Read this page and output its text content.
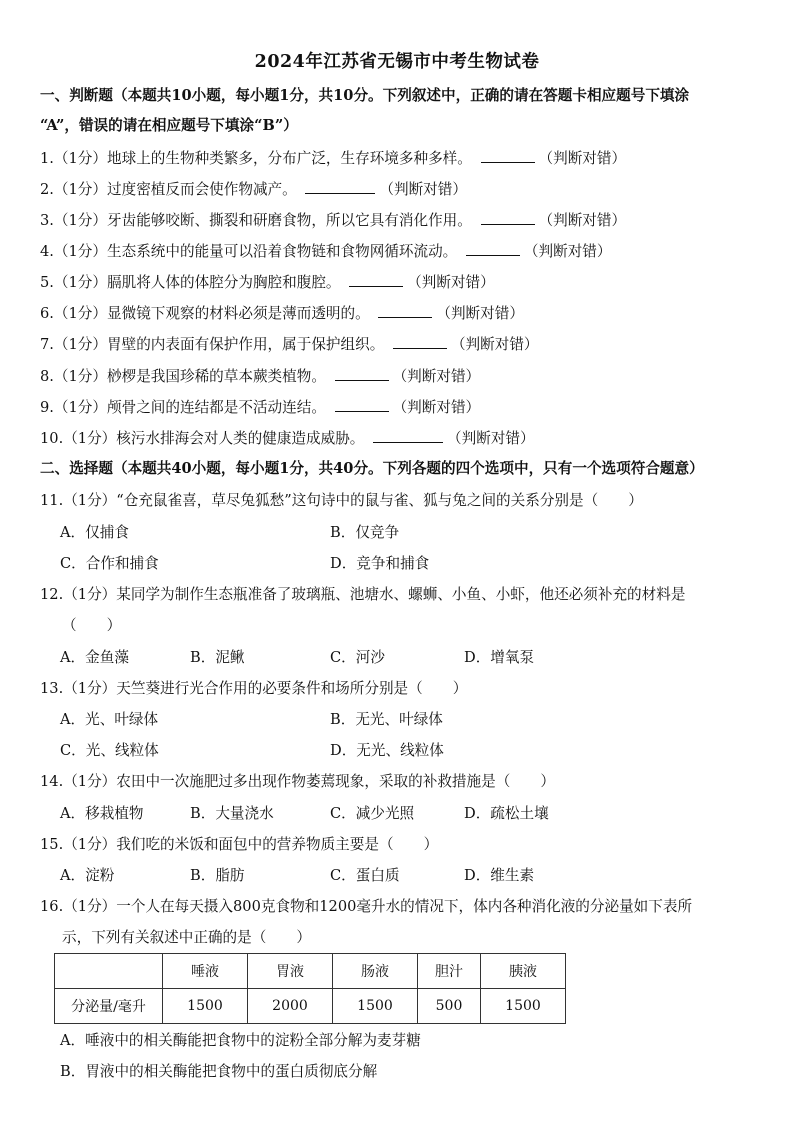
2024年江苏省无锡市中考生物试卷
一、判断题（本题共10小题，每小题1分，共10分。下列叙述中，正确的请在答题卡相应题号下填涂
“A”，错误的请在相应题号下填涂“B”）
1.（1分）地球上的生物种类繁多，分布广泛，生存环境多种多样。	（判断对错）
2.（1分）过度密植反而会使作物减产。	（判断对错）
3.（1分）牙齿能够咬断、撕裂和研磨食物，所以它具有消化作用。	（判断对错）
4.（1分）生态系统中的能量可以沿着食物链和食物网循环流动。	（判断对错）
5.（1分）膈肌将人体的体腔分为胸腔和腹腔。	（判断对错）
6.（1分）显微镜下观察的材料必须是薄而透明的。	（判断对错）
7.（1分）胃壁的内表面有保护作用，属于保护组织。	（判断对错）
8.（1分）桫椤是我国珍稀的草本蕨类植物。	（判断对错）
9.（1分）颅骨之间的连结都是不活动连结。	（判断对错）
10.（1分）核污水排海会对人类的健康造成威胁。	（判断对错）
二、选择题（本题共40小题，每小题1分，共40分。下列各题的四个选项中，只有一个选项符合题意）
11.（1分）“仓充鼠雀喜，草尽兔狐愁”这句诗中的鼠与雀、狐与兔之间的关系分别是（ ）
A．仅捕食	B．仅竞争
C．合作和捕食	D．竞争和捕食
12.（1分）某同学为制作生态瓶准备了玻璃瓶、池塘水、螺蛳、小鱼、小虾，他还必须补充的材料是
（ ）
A．金鱼藻	B．泥鳅	C．河沙	D．增氧泵
13.（1分）天竺葵进行光合作用的必要条件和场所分别是（ ）
A．光、叶绿体	B．无光、叶绿体
C．光、线粒体	D．无光、线粒体
14.（1分）农田中一次施肥过多出现作物萎蔫现象，采取的补救措施是（ ）
A．移栽植物	B．大量浇水	C．减少光照	D．疏松土壤
15.（1分）我们吃的米饭和面包中的营养物质主要是（ ）
A．淀粉	B．脂肪	C．蛋白质	D．维生素
16.（1分）一个人在每天摄入800克食物和1200毫升水的情况下，体内各种消化液的分泌量如下表所
示，下列有关叙述中正确的是（ ）
	唾液	胃液	肠液	胆汁	胰液
分泌量/毫升	1500	2000	1500	500	1500
A．唾液中的相关酶能把食物中的淀粉全部分解为麦芽糖
B．胃液中的相关酶能把食物中的蛋白质彻底分解
